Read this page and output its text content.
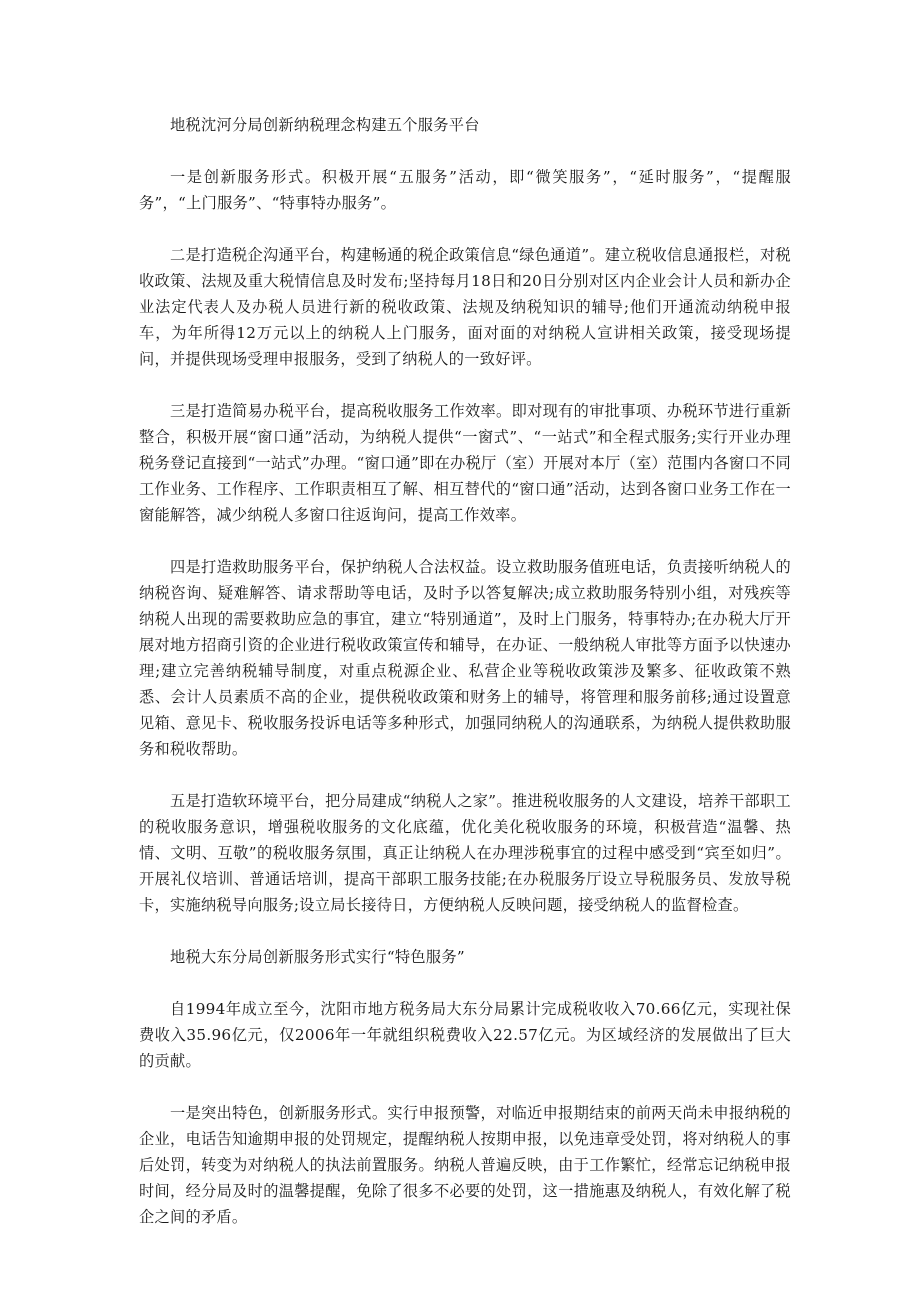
地税沈河分局创新纳税理念构建五个服务平台

一是创新服务形式。积极开展“五服务”活动，即“微笑服务”，“延时服务”，“提醒服务”，“上门服务”、“特事特办服务”。

二是打造税企沟通平台，构建畅通的税企政策信息“绿色通道”。建立税收信息通报栏，对税收政策、法规及重大税情信息及时发布;坚持每月18日和20日分别对区内企业会计人员和新办企业法定代表人及办税人员进行新的税收政策、法规及纳税知识的辅导;他们开通流动纳税申报车，为年所得12万元以上的纳税人上门服务，面对面的对纳税人宣讲相关政策，接受现场提问，并提供现场受理申报服务，受到了纳税人的一致好评。

三是打造简易办税平台，提高税收服务工作效率。即对现有的审批事项、办税环节进行重新整合，积极开展“窗口通”活动，为纳税人提供“一窗式”、“一站式”和全程式服务;实行开业办理税务登记直接到“一站式”办理。“窗口通”即在办税厅（室）开展对本厅（室）范围内各窗口不同工作业务、工作程序、工作职责相互了解、相互替代的“窗口通”活动，达到各窗口业务工作在一窗能解答，减少纳税人多窗口往返询问，提高工作效率。

四是打造救助服务平台，保护纳税人合法权益。设立救助服务值班电话，负责接听纳税人的纳税咨询、疑难解答、请求帮助等电话，及时予以答复解决;成立救助服务特别小组，对残疾等纳税人出现的需要救助应急的事宜，建立“特别通道”，及时上门服务，特事特办;在办税大厅开展对地方招商引资的企业进行税收政策宣传和辅导，在办证、一般纳税人审批等方面予以快速办理;建立完善纳税辅导制度，对重点税源企业、私营企业等税收政策涉及繁多、征收政策不熟悉、会计人员素质不高的企业，提供税收政策和财务上的辅导，将管理和服务前移;通过设置意见箱、意见卡、税收服务投诉电话等多种形式，加强同纳税人的沟通联系，为纳税人提供救助服务和税收帮助。

五是打造软环境平台，把分局建成“纳税人之家”。推进税收服务的人文建设，培养干部职工的税收服务意识，增强税收服务的文化底蕴，优化美化税收服务的环境，积极营造“温馨、热情、文明、互敬”的税收服务氛围，真正让纳税人在办理涉税事宜的过程中感受到“宾至如归”。开展礼仪培训、普通话培训，提高干部职工服务技能;在办税服务厅设立导税服务员、发放导税卡，实施纳税导向服务;设立局长接待日，方便纳税人反映问题，接受纳税人的监督检查。

地税大东分局创新服务形式实行“特色服务”

自1994年成立至今，沈阳市地方税务局大东分局累计完成税收收入70.66亿元，实现社保费收入35.96亿元，仅2006年一年就组织税费收入22.57亿元。为区域经济的发展做出了巨大的贡献。

一是突出特色，创新服务形式。实行申报预警，对临近申报期结束的前两天尚未申报纳税的企业，电话告知逾期申报的处罚规定，提醒纳税人按期申报，以免违章受处罚，将对纳税人的事后处罚，转变为对纳税人的执法前置服务。纳税人普遍反映，由于工作繁忙，经常忘记纳税申报时间，经分局及时的温馨提醒，免除了很多不必要的处罚，这一措施惠及纳税人，有效化解了税企之间的矛盾。
